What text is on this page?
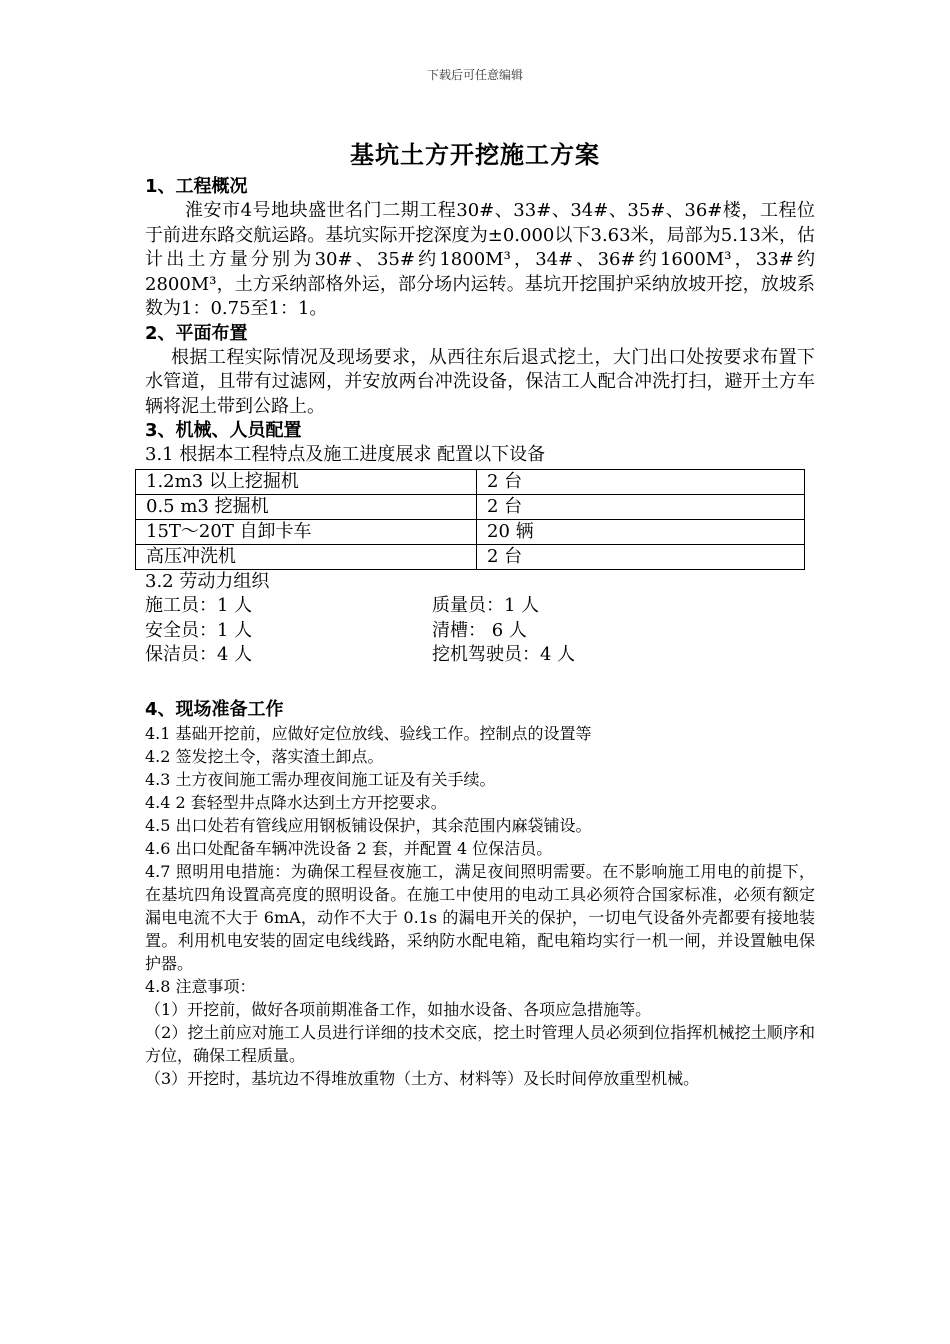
下载后可任意编辑
基坑土方开挖施工方案

1、工程概况

淮安市4号地块盛世名门二期工程30#、33#、34#、35#、36#楼，工程位于前进东路交航运路。基坑实际开挖深度为±0.000以下3.63米，局部为5.13米，估计出土方量分别为30#、35#约1800M³，34#、36#约1600M³，33#约2800M³，土方采纳部格外运，部分场内运转。基坑开挖围护采纳放坡开挖，放坡系数为1：0.75至1：1。

2、平面布置

根据工程实际情况及现场要求，从西往东后退式挖土，大门出口处按要求布置下水管道，且带有过滤网，并安放两台冲洗设备，保洁工人配合冲洗打扫，避开土方车辆将泥土带到公路上。

3、机械、人员配置

3.1 根据本工程特点及施工进度展求 配置以下设备

1.2m3 以上挖掘机	2 台
0.5 m3 挖掘机	2 台
15T～20T 自卸卡车	20 辆
高压冲洗机	2 台

3.2 劳动力组织

施工员：1 人	质量员：1 人
安全员：1 人	清槽： 6 人
保洁员：4 人	挖机驾驶员：4 人

4、现场准备工作

4.1 基础开挖前，应做好定位放线、验线工作。控制点的设置等

4.2 签发挖土令，落实渣土卸点。

4.3 土方夜间施工需办理夜间施工证及有关手续。

4.4 2 套轻型井点降水达到土方开挖要求。

4.5 出口处若有管线应用钢板铺设保护，其余范围内麻袋铺设。

4.6 出口处配备车辆冲洗设备 2 套，并配置 4 位保洁员。

4.7 照明用电措施：为确保工程昼夜施工，满足夜间照明需要。在不影响施工用电的前提下，在基坑四角设置高亮度的照明设备。在施工中使用的电动工具必须符合国家标准，必须有额定漏电电流不大于 6mA，动作不大于 0.1s 的漏电开关的保护，一切电气设备外壳都要有接地装置。利用机电安装的固定电线线路，采纳防水配电箱，配电箱均实行一机一闸，并设置触电保护器。

4.8 注意事项：

（1）开挖前，做好各项前期准备工作，如抽水设备、各项应急措施等。

（2）挖土前应对施工人员进行详细的技术交底，挖土时管理人员必须到位指挥机械挖土顺序和方位，确保工程质量。

（3）开挖时，基坑边不得堆放重物（土方、材料等）及长时间停放重型机械。
